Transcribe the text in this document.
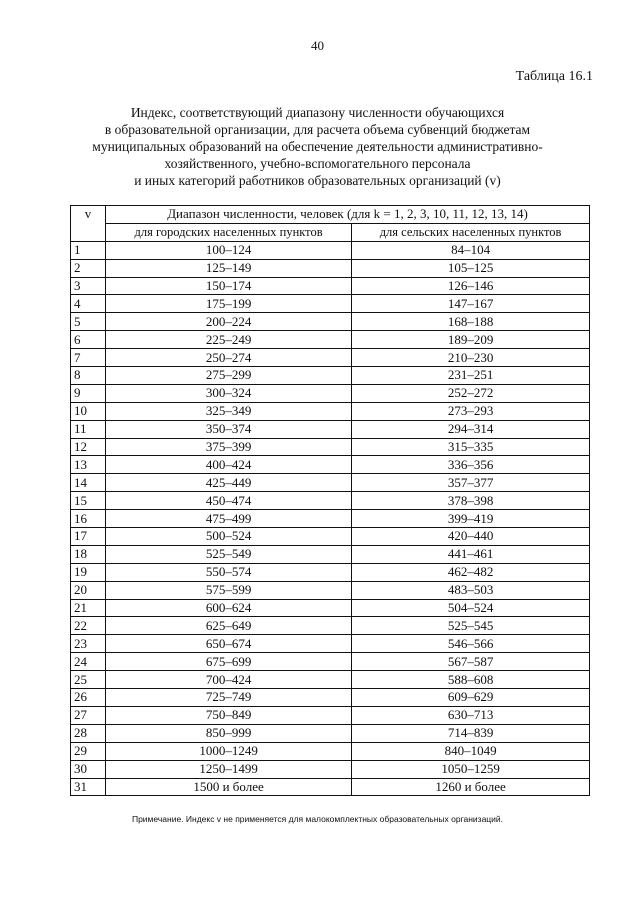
40
Таблица 16.1
Индекс, соответствующий диапазону численности обучающихся
в образовательной организации, для расчета объема субвенций бюджетам
муниципальных образований на обеспечение деятельности административно-
хозяйственного, учебно-вспомогательного персонала
и иных категорий работников образовательных организаций (v)
v	Диапазон численности, человек (для k = 1, 2, 3, 10, 11, 12, 13, 14)	
	для городских населенных пунктов	для сельских населенных пунктов
1	100–124	84–104
2	125–149	105–125
3	150–174	126–146
4	175–199	147–167
5	200–224	168–188
6	225–249	189–209
7	250–274	210–230
8	275–299	231–251
9	300–324	252–272
10	325–349	273–293
11	350–374	294–314
12	375–399	315–335
13	400–424	336–356
14	425–449	357–377
15	450–474	378–398
16	475–499	399–419
17	500–524	420–440
18	525–549	441–461
19	550–574	462–482
20	575–599	483–503
21	600–624	504–524
22	625–649	525–545
23	650–674	546–566
24	675–699	567–587
25	700–424	588–608
26	725–749	609–629
27	750–849	630–713
28	850–999	714–839
29	1000–1249	840–1049
30	1250–1499	1050–1259
31	1500 и более	1260 и более
Примечание. Индекс v не применяется для малокомплектных образовательных организаций.
